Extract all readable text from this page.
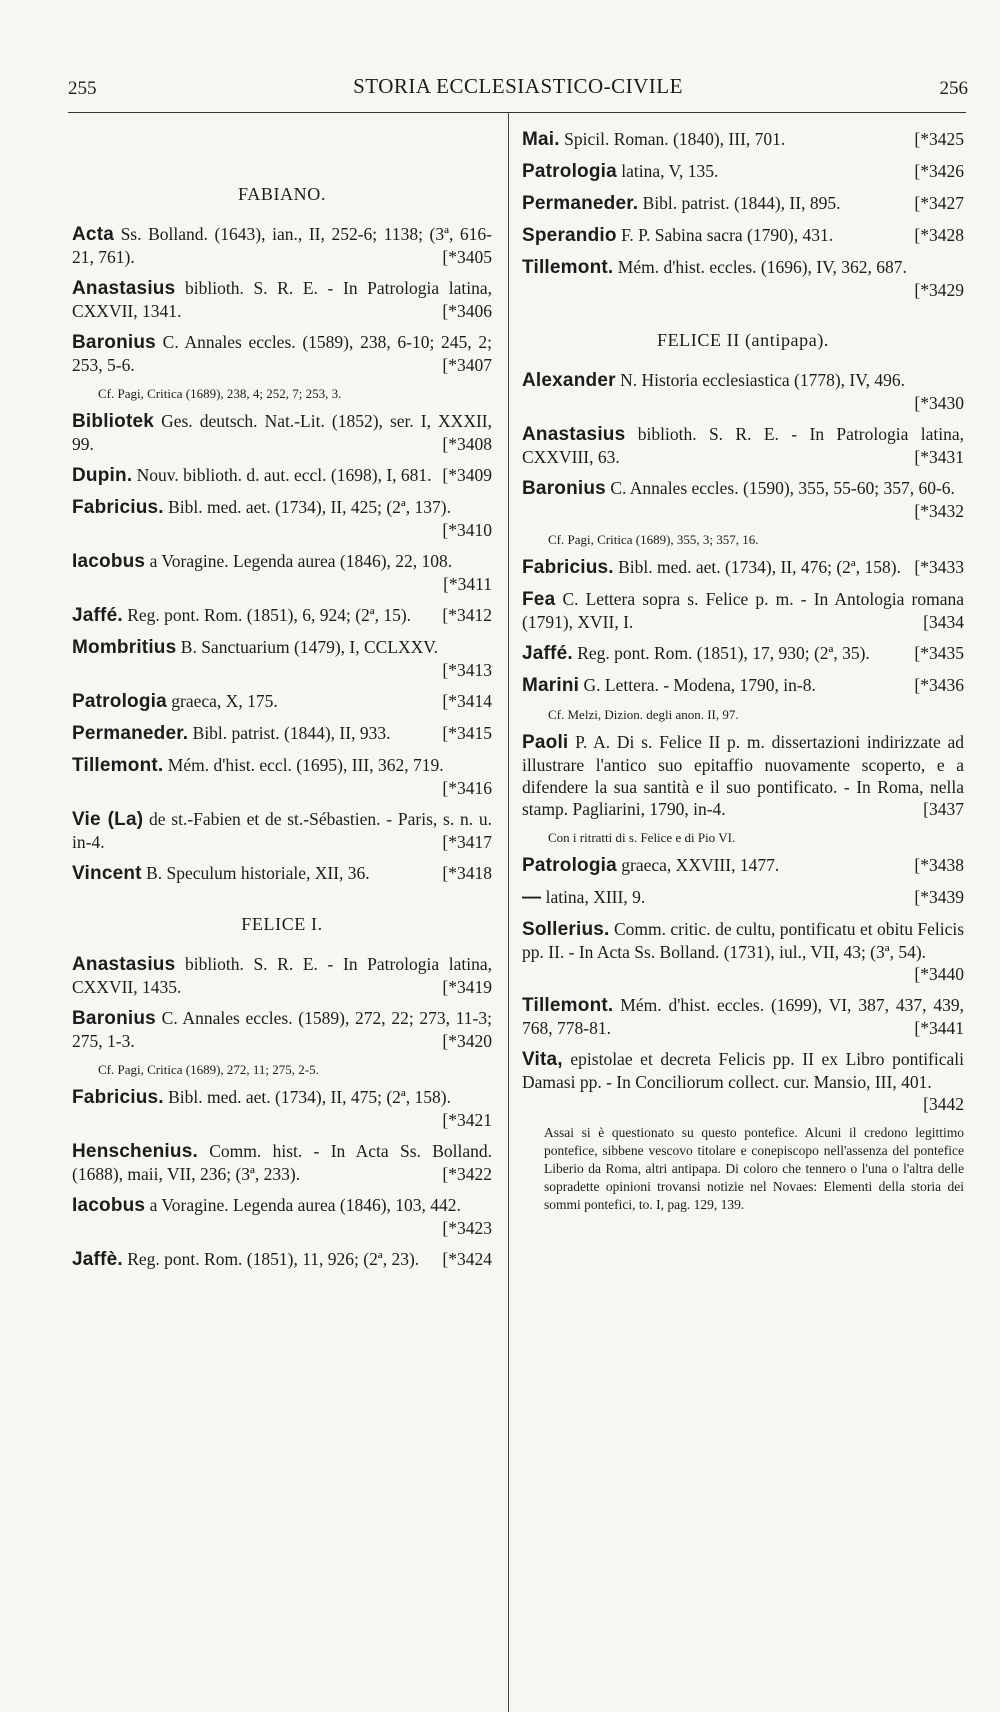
255	STORIA ECCLESIASTICO-CIVILE	256
FABIANO.
Acta Ss. Bolland. (1643), ian., II, 252-6; 1138; (3ª, 616-21, 761).	[*3405
Anastasius biblioth. S. R. E. - In Patrologia latina, CXXVII, 1341.	[*3406
Baronius C. Annales eccles. (1589), 238, 6-10; 245, 2; 253, 5-6.	[*3407
Cf. Pagi, Critica (1689), 238, 4; 252, 7; 253, 3.
Bibliotek Ges. deutsch. Nat.-Lit. (1852), ser. I, XXXII, 99.	[*3408
Dupin. Nouv. biblioth. d. aut. eccl. (1698), I, 681. [*3409
Fabricius. Bibl. med. aet. (1734), II, 425; (2ª, 137).
[*3410
Iacobus a Voragine. Legenda aurea (1846), 22, 108.
[*3411
Jaffé. Reg. pont. Rom. (1851), 6, 924; (2ª, 15). [*3412
Mombritius B. Sanctuarium (1479), I, CCLXXV.
[*3413
Patrologia graeca, X, 175.	[*3414
Permaneder. Bibl. patrist. (1844), II, 933.	[*3415
Tillemont. Mém. d'hist. eccl. (1695), III, 362, 719.
[*3416
Vie (La) de st.-Fabien et de st.-Sébastien. - Paris, s. n. u. in-4.	[*3417
Vincent B. Speculum historiale, XII, 36.	[*3418
FELICE I.
Anastasius biblioth. S. R. E. - In Patrologia latina, CXXVII, 1435.	[*3419
Baronius C. Annales eccles. (1589), 272, 22; 273, 11-3; 275, 1-3.	[*3420
Cf. Pagi, Critica (1689), 272, 11; 275, 2-5.
Fabricius. Bibl. med. aet. (1734), II, 475; (2ª, 158).
[*3421
Henschenius. Comm. hist. - In Acta Ss. Bolland. (1688), maii, VII, 236; (3ª, 233).	[*3422
Iacobus a Voragine. Legenda aurea (1846), 103, 442.
[*3423
Jaffè. Reg. pont. Rom. (1851), 11, 926; (2ª, 23). [*3424
Mai. Spicil. Roman. (1840), III, 701.	[*3425
Patrologia latina, V, 135.	[*3426
Permaneder. Bibl. patrist. (1844), II, 895.	[*3427
Sperandio F. P. Sabina sacra (1790), 431.	[*3428
Tillemont. Mém. d'hist. eccles. (1696), IV, 362, 687.
[*3429
FELICE II (antipapa).
Alexander N. Historia ecclesiastica (1778), IV, 496.
[*3430
Anastasius biblioth. S. R. E. - In Patrologia latina, CXXVIII, 63.	[*3431
Baronius C. Annales eccles. (1590), 355, 55-60; 357, 60-6.
[*3432
Cf. Pagi, Critica (1689), 355, 3; 357, 16.
Fabricius. Bibl. med. aet. (1734), II, 476; (2ª, 158). [*3433
Fea C. Lettera sopra s. Felice p. m. - In Antologia romana (1791), XVII, I.	[3434
Jaffé. Reg. pont. Rom. (1851), 17, 930; (2ª, 35).	[*3435
Marini G. Lettera. - Modena, 1790, in-8.	[*3436
Cf. Melzi, Dizion. degli anon. II, 97.
Paoli P. A. Di s. Felice II p. m. dissertazioni indirizzate ad illustrare l'antico suo epitaffio nuovamente scoperto, e a difendere la sua santità e il suo pontificato. - In Roma, nella stamp. Pagliarini, 1790, in-4.	[3437
Con i ritratti di s. Felice e di Pio VI.
Patrologia graeca, XXVIII, 1477.	[*3438
— latina, XIII, 9.	[*3439
Sollerius. Comm. critic. de cultu, pontificatu et obitu Felicis pp. II. - In Acta Ss. Bolland. (1731), iul., VII, 43; (3ª, 54).
[*3440
Tillemont. Mém. d'hist. eccles. (1699), VI, 387, 437, 439, 768, 778-81.	[*3441
Vita, epistolae et decreta Felicis pp. II ex Libro pontificali Damasi pp. - In Conciliorum collect. cur. Mansio, III, 401.
[3442
Assai si è questionato su questo pontefice. Alcuni il credono legittimo pontefice, sibbene vescovo titolare e conepiscopo nell'assenza del pontefice Liberio da Roma, altri antipapa. Di coloro che tennero o l'una o l'altra delle sopradette opinioni trovansi notizie nel Novaes: Elementi della storia dei sommi pontefici, to. I, pag. 129, 139.
